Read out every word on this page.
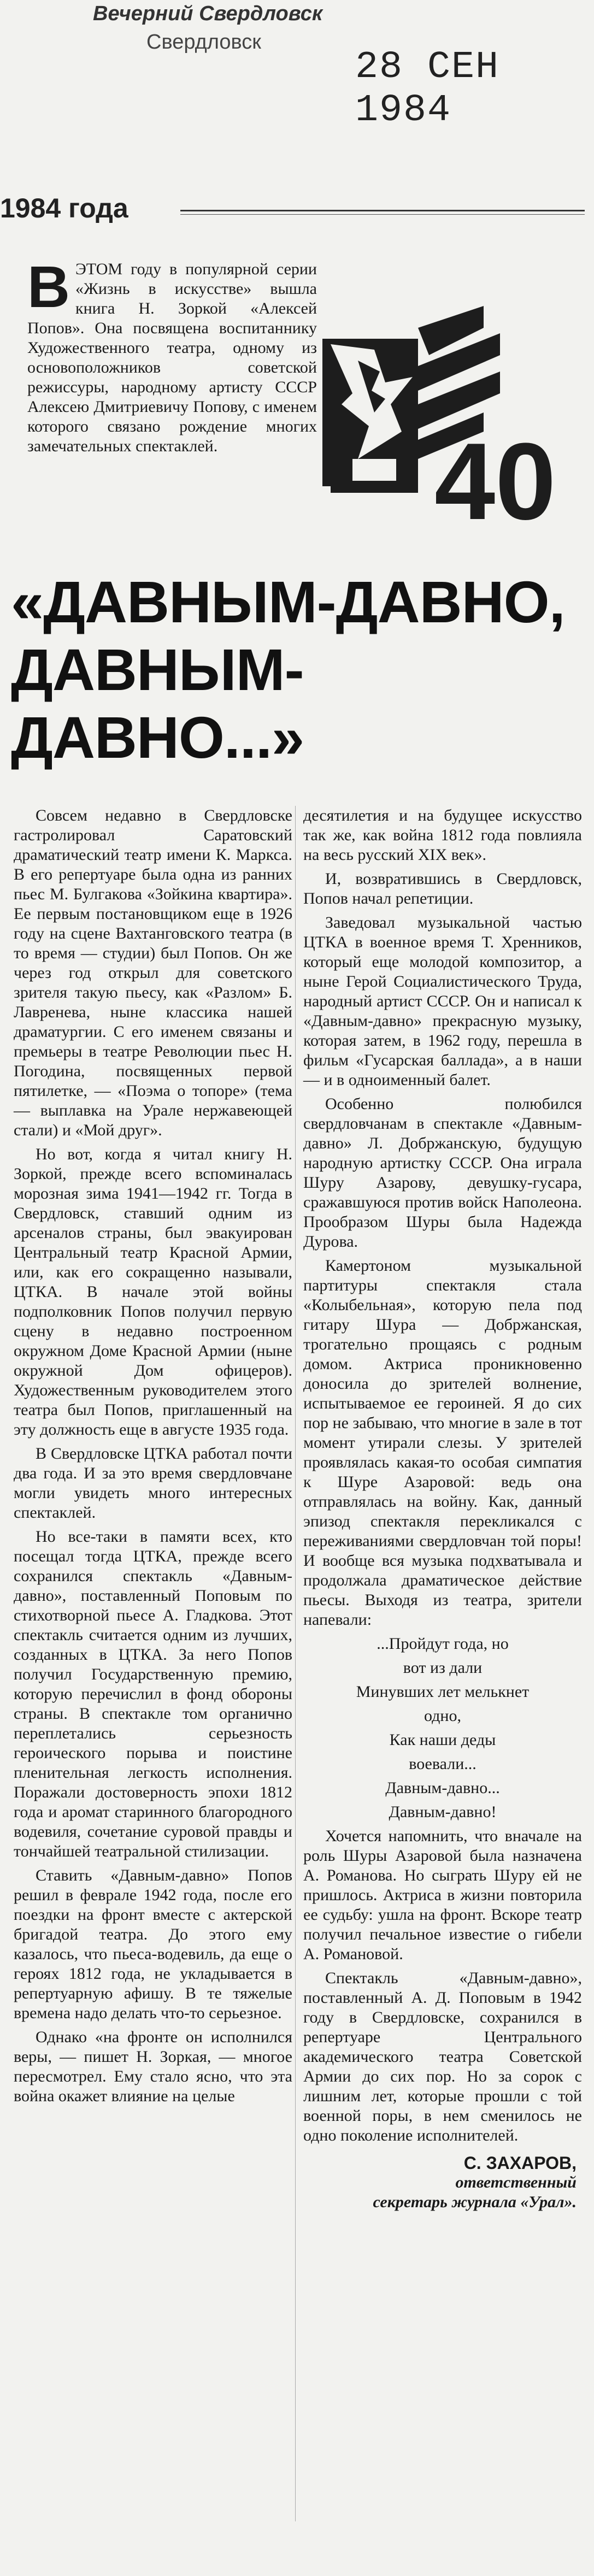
Вечерний Свердловск
Свердловск
28 СЕН 1984
1984 года
В ЭТОМ году в популярной серии «Жизнь в искусстве» вышла книга Н. Зоркой «Алексей Попов». Она посвящена воспитаннику Художественного театра, одному из основоположников советской режиссуры, народному артисту СССР Алексею Дмитриевичу Попову, с именем которого связано рождение многих замечательных спектаклей.	40
«ДАВНЫМ-ДАВНО, ДАВНЫМ-ДАВНО...»

Совсем недавно в Свердловске гастролировал Саратовский драматический театр имени К. Маркса. В его репертуаре была одна из ранних пьес М. Булгакова «Зойкина квартира». Ее первым постановщиком еще в 1926 году на сцене Вахтанговского театра (в то время — студии) был Попов. Он же через год открыл для советского зрителя такую пьесу, как «Разлом» Б. Лавренева, ныне классика нашей драматургии. С его именем связаны и премьеры в театре Революции пьес Н. Погодина, посвященных первой пятилетке, — «Поэма о топоре» (тема — выплавка на Урале нержавеющей стали) и «Мой друг».

Но вот, когда я читал книгу Н. Зоркой, прежде всего вспоминалась морозная зима 1941—1942 гг. Тогда в Свердловск, ставший одним из арсеналов страны, был эвакуирован Центральный театр Красной Армии, или, как его сокращенно называли, ЦТКА. В начале этой войны подполковник Попов получил первую сцену в недавно построенном окружном Доме Красной Армии (ныне окружной Дом офицеров). Художественным руководителем этого театра был Попов, приглашенный на эту должность еще в августе 1935 года.

В Свердловске ЦТКА работал почти два года. И за это время свердловчане могли увидеть много интересных спектаклей.

Но все-таки в памяти всех, кто посещал тогда ЦТКА, прежде всего сохранился спектакль «Давным-давно», поставленный Поповым по стихотворной пьесе А. Гладкова. Этот спектакль считается одним из лучших, созданных в ЦТКА. За него Попов получил Государственную премию, которую перечислил в фонд обороны страны. В спектакле том органично переплетались серьезность героического порыва и поистине пленительная легкость исполнения. Поражали достоверность эпохи 1812 года и аромат старинного благородного водевиля, сочетание суровой правды и тончайшей театральной стилизации.

Ставить «Давным-давно» Попов решил в феврале 1942 года, после его поездки на фронт вместе с актерской бригадой театра. До этого ему казалось, что пьеса-водевиль, да еще о героях 1812 года, не укладывается в репертуарную афишу. В те тяжелые времена надо делать что-то серьезное.

Однако «на фронте он исполнился веры, — пишет Н. Зоркая, — многое пересмотрел. Ему стало ясно, что эта война окажет влияние на целые

десятилетия и на будущее искусство так же, как война 1812 года повлияла на весь русский XIX век».

И, возвратившись в Свердловск, Попов начал репетиции.

Заведовал музыкальной частью ЦТКА в военное время Т. Хренников, который еще молодой композитор, а ныне Герой Социалистического Труда, народный артист СССР. Он и написал к «Давным-давно» прекрасную музыку, которая затем, в 1962 году, перешла в фильм «Гусарская баллада», а в наши — и в одноименный балет.

Особенно полюбился свердловчанам в спектакле «Давным-давно» Л. Добржанскую, будущую народную артистку СССР. Она играла Шуру Азарову, девушку-гусара, сражавшуюся против войск Наполеона. Прообразом Шуры была Надежда Дурова.

Камертоном музыкальной партитуры спектакля стала «Колыбельная», которую пела под гитару Шура — Добржанская, трогательно прощаясь с родным домом. Актриса проникновенно доносила до зрителей волнение, испытываемое ее героиней. Я до сих пор не забываю, что многие в зале в тот момент утирали слезы. У зрителей проявлялась какая-то особая симпатия к Шуре Азаровой: ведь она отправлялась на войну. Как, данный эпизод спектакля перекликался с переживаниями свердловчан той поры! И вообще вся музыка подхватывала и продолжала драматическое действие пьесы. Выходя из театра, зрители напевали:

...Пройдут года, но

вот из дали

Минувших лет мелькнет

одно,

Как наши деды

воевали...

Давным-давно...

Давным-давно!

Хочется напомнить, что вначале на роль Шуры Азаровой была назначена А. Романова. Но сыграть Шуру ей не пришлось. Актриса в жизни повторила ее судьбу: ушла на фронт. Вскоре театр получил печальное известие о гибели А. Романовой.

Спектакль «Давным-давно», поставленный А. Д. Поповым в 1942 году в Свердловске, сохранился в репертуаре Центрального академического театра Советской Армии до сих пор. Но за сорок с лишним лет, которые прошли с той военной поры, в нем сменилось не одно поколение исполнителей.

С. ЗАХАРОВ,
ответственный
секретарь журнала «Урал».
